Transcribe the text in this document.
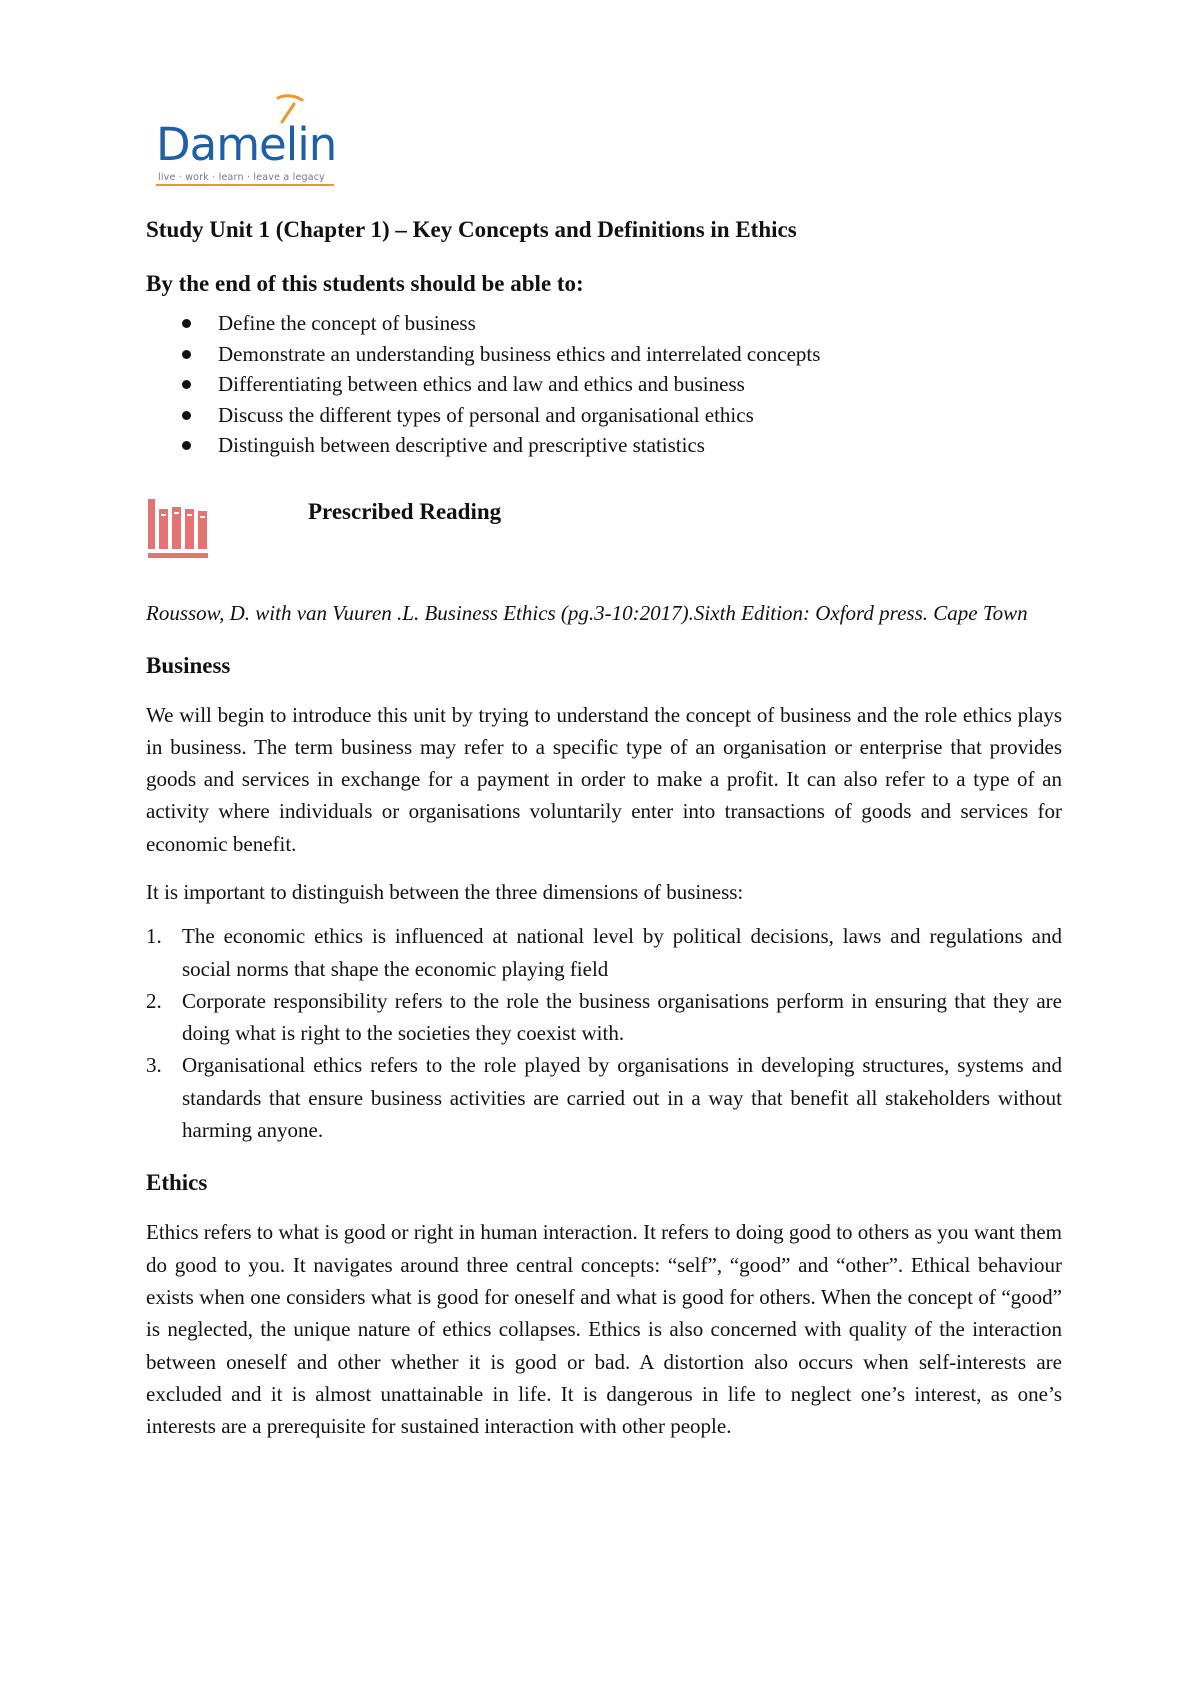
Damelin
live · work · learn · leave a legacy
Study Unit 1 (Chapter 1) – Key Concepts and Definitions in Ethics
By the end of this students should be able to:
Define the concept of business
Demonstrate an understanding business ethics and interrelated concepts
Differentiating between ethics and law and ethics and business
Discuss the different types of personal and organisational ethics
Distinguish between descriptive and prescriptive statistics
Prescribed Reading

Roussow, D. with van Vuuren .L. Business Ethics (pg.3-10:2017).Sixth Edition: Oxford press. Cape Town

Business

We will begin to introduce this unit by trying to understand the concept of business and the role ethics plays in business. The term business may refer to a specific type of an organisation or enterprise that provides goods and services in exchange for a payment in order to make a profit. It can also refer to a type of an activity where individuals or organisations voluntarily enter into transactions of goods and services for economic benefit.

It is important to distinguish between the three dimensions of business:

1. The economic ethics is influenced at national level by political decisions, laws and regulations and social norms that shape the economic playing field
2. Corporate responsibility refers to the role the business organisations perform in ensuring that they are doing what is right to the societies they coexist with.
3. Organisational ethics refers to the role played by organisations in developing structures, systems and standards that ensure business activities are carried out in a way that benefit all stakeholders without harming anyone.
Ethics

Ethics refers to what is good or right in human interaction. It refers to doing good to others as you want them do good to you. It navigates around three central concepts: “self”, “good” and “other”. Ethical behaviour exists when one considers what is good for oneself and what is good for others. When the concept of “good” is neglected, the unique nature of ethics collapses. Ethics is also concerned with quality of the interaction between oneself and other whether it is good or bad. A distortion also occurs when self-interests are excluded and it is almost unattainable in life. It is dangerous in life to neglect one’s interest, as one’s interests are a prerequisite for sustained interaction with other people.
